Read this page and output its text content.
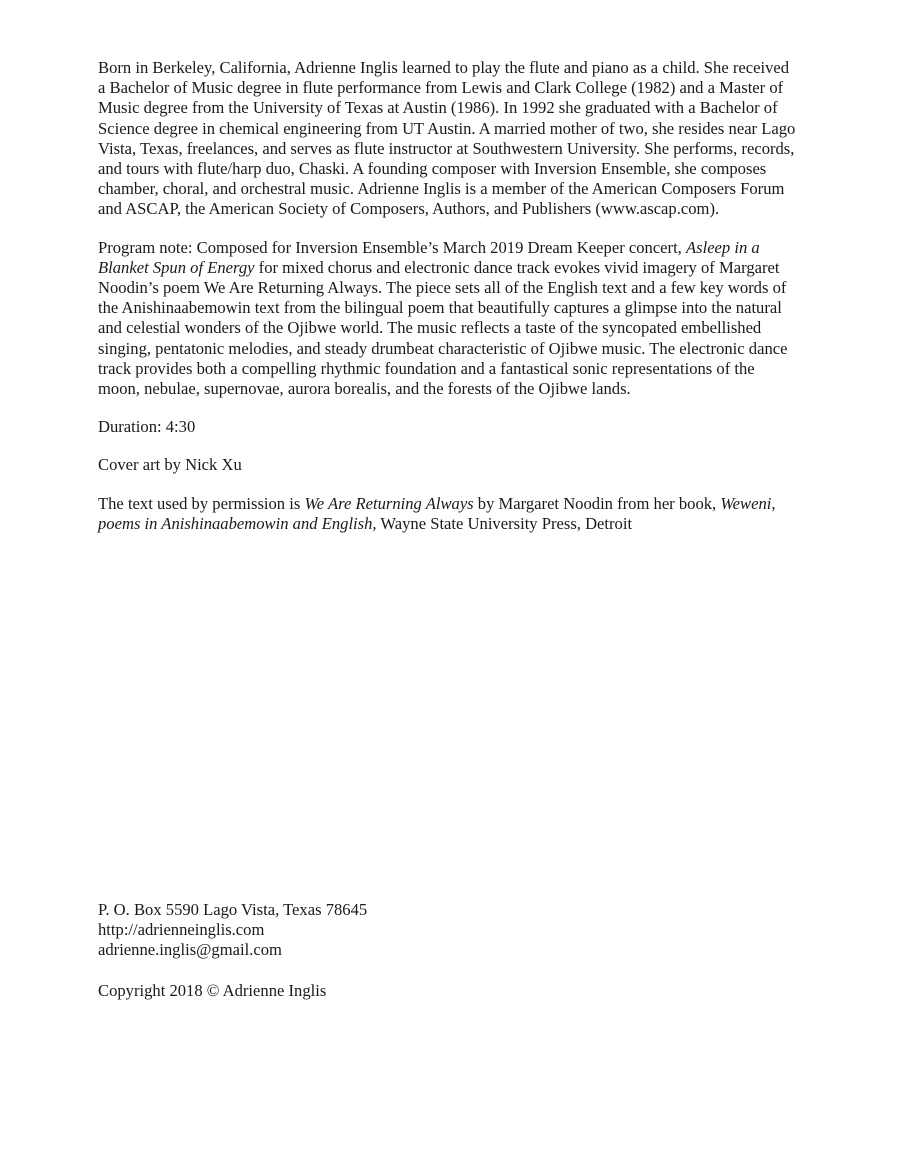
Born in Berkeley, California, Adrienne Inglis learned to play the flute and piano as a child. She received a Bachelor of Music degree in flute performance from Lewis and Clark College (1982) and a Master of Music degree from the University of Texas at Austin (1986). In 1992 she graduated with a Bachelor of Science degree in chemical engineering from UT Austin. A married mother of two, she resides near Lago Vista, Texas, freelances, and serves as flute instructor at Southwestern University. She performs, records, and tours with flute/harp duo, Chaski. A founding composer with Inversion Ensemble, she composes chamber, choral, and orchestral music. Adrienne Inglis is a member of the American Composers Forum and ASCAP, the American Society of Composers, Authors, and Publishers (www.ascap.com).

Program note: Composed for Inversion Ensemble’s March 2019 Dream Keeper concert, Asleep in a Blanket Spun of Energy for mixed chorus and electronic dance track evokes vivid imagery of Margaret Noodin’s poem We Are Returning Always. The piece sets all of the English text and a few key words of the Anishinaabemowin text from the bilingual poem that beautifully captures a glimpse into the natural and celestial wonders of the Ojibwe world. The music reflects a taste of the syncopated embellished singing, pentatonic melodies, and steady drumbeat characteristic of Ojibwe music. The electronic dance track provides both a compelling rhythmic foundation and a fantastical sonic representations of the moon, nebulae, supernovae, aurora borealis, and the forests of the Ojibwe lands.

Duration: 4:30

Cover art by Nick Xu

The text used by permission is We Are Returning Always by Margaret Noodin from her book, Weweni, poems in Anishinaabemowin and English, Wayne State University Press, Detroit

P. O. Box 5590 Lago Vista, Texas 78645

http://adrienneinglis.com

adrienne.inglis@gmail.com

Copyright 2018 © Adrienne Inglis
